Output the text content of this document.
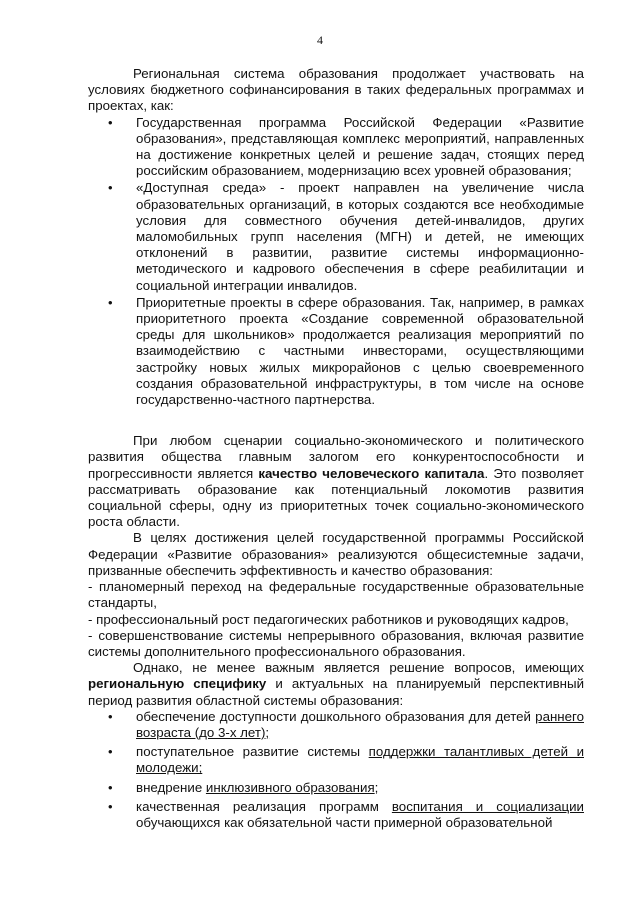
4

Региональная система образования продолжает участвовать на условиях бюджетного софинансирования в таких федеральных программах и проектах, как:

• Государственная программа Российской Федерации «Развитие образования», представляющая комплекс мероприятий, направленных на достижение конкретных целей и решение задач, стоящих перед российским образованием, модернизацию всех уровней образования;
• «Доступная среда» - проект направлен на увеличение числа образовательных организаций, в которых создаются все необходимые условия для совместного обучения детей-инвалидов, других маломобильных групп населения (МГН) и детей, не имеющих отклонений в развитии, развитие системы информационно-методического и кадрового обеспечения в сфере реабилитации и социальной интеграции инвалидов.
• Приоритетные проекты в сфере образования. Так, например, в рамках приоритетного проекта «Создание современной образовательной среды для школьников» продолжается реализация мероприятий по взаимодействию с частными инвесторами, осуществляющими застройку новых жилых микрорайонов с целью своевременного создания образовательной инфраструктуры, в том числе на основе государственно-частного партнерства.

При любом сценарии социально-экономического и политического развития общества главным залогом его конкурентоспособности и прогрессивности является качество человеческого капитала. Это позволяет рассматривать образование как потенциальный локомотив развития социальной сферы, одну из приоритетных точек социально-экономического роста области.

В целях достижения целей государственной программы Российской Федерации «Развитие образования» реализуются общесистемные задачи, призванные обеспечить эффективность и качество образования:

- планомерный переход на федеральные государственные образовательные стандарты,

- профессиональный рост педагогических работников и руководящих кадров,

- совершенствование системы непрерывного образования, включая развитие системы дополнительного профессионального образования.

Однако, не менее важным является решение вопросов, имеющих региональную специфику и актуальных на планируемый перспективный период развития областной системы образования:

• обеспечение доступности дошкольного образования для детей раннего возраста (до 3-х лет);
• поступательное развитие системы поддержки талантливых детей и молодежи;
• внедрение инклюзивного образования;
• качественная реализация программ воспитания и социализации обучающихся как обязательной части примерной образовательной
